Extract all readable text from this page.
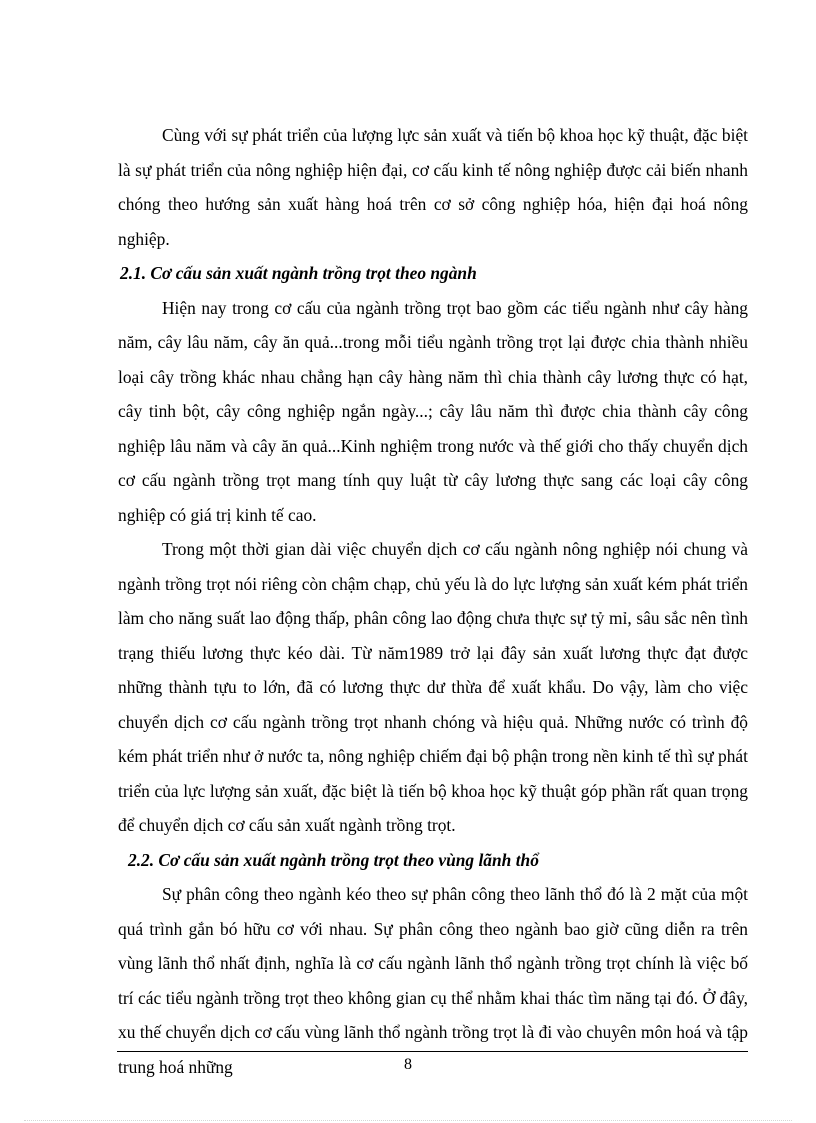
Cùng với sự phát triển của lượng lực sản xuất và tiến bộ khoa học kỹ thuật, đặc biệt là sự phát triển của nông nghiệp hiện đại, cơ cấu kinh tế nông nghiệp được cải biến nhanh chóng theo hướng sản xuất hàng hoá trên cơ sở công nghiệp hóa, hiện đại hoá nông nghiệp.

2.1. Cơ cấu sản xuất ngành trồng trọt theo ngành

Hiện nay trong cơ cấu của ngành trồng trọt bao gồm các tiểu ngành như cây hàng năm, cây lâu năm, cây ăn quả...trong mỗi tiểu ngành trồng trọt lại được chia thành nhiều loại cây trồng khác nhau chẳng hạn cây hàng năm thì chia thành cây lương thực có hạt, cây tinh bột, cây công nghiệp ngắn ngày...; cây lâu năm thì được chia thành cây công nghiệp lâu năm và cây ăn quả...Kinh nghiệm trong nước và thế giới cho thấy chuyển dịch cơ cấu ngành trồng trọt mang tính quy luật từ cây lương thực sang các loại cây công nghiệp có giá trị kinh tế cao.

Trong một thời gian dài việc chuyển dịch cơ cấu ngành nông nghiệp nói chung và ngành trồng trọt nói riêng còn chậm chạp, chủ yếu là do lực lượng sản xuất kém phát triển làm cho năng suất lao động thấp, phân công lao động chưa thực sự tỷ mỉ, sâu sắc nên tình trạng thiếu lương thực kéo dài. Từ năm1989 trở lại đây sản xuất lương thực đạt được những thành tựu to lớn, đã có lương thực dư thừa để xuất khẩu. Do vậy, làm cho việc chuyển dịch cơ cấu ngành trồng trọt nhanh chóng và hiệu quả. Những nước có trình độ kém phát triển như ở nước ta, nông nghiệp chiếm đại bộ phận trong nền kinh tế thì sự phát triển của lực lượng sản xuất, đặc biệt là tiến bộ khoa học kỹ thuật góp phần rất quan trọng để chuyển dịch cơ cấu sản xuất ngành trồng trọt.

2.2. Cơ cấu sản xuất ngành trồng trọt theo vùng lãnh thổ

Sự phân công theo ngành kéo theo sự phân công theo lãnh thổ đó là 2 mặt của một quá trình gắn bó hữu cơ với nhau. Sự phân công theo ngành bao giờ cũng diễn ra trên vùng lãnh thổ nhất định, nghĩa là cơ cấu ngành lãnh thổ ngành trồng trọt chính là việc bố trí các tiểu ngành trồng trọt theo không gian cụ thể nhằm khai thác tìm năng tại đó. Ở đây, xu thế chuyển dịch cơ cấu vùng lãnh thổ ngành trồng trọt là đi vào chuyên môn hoá và tập trung hoá những	8
